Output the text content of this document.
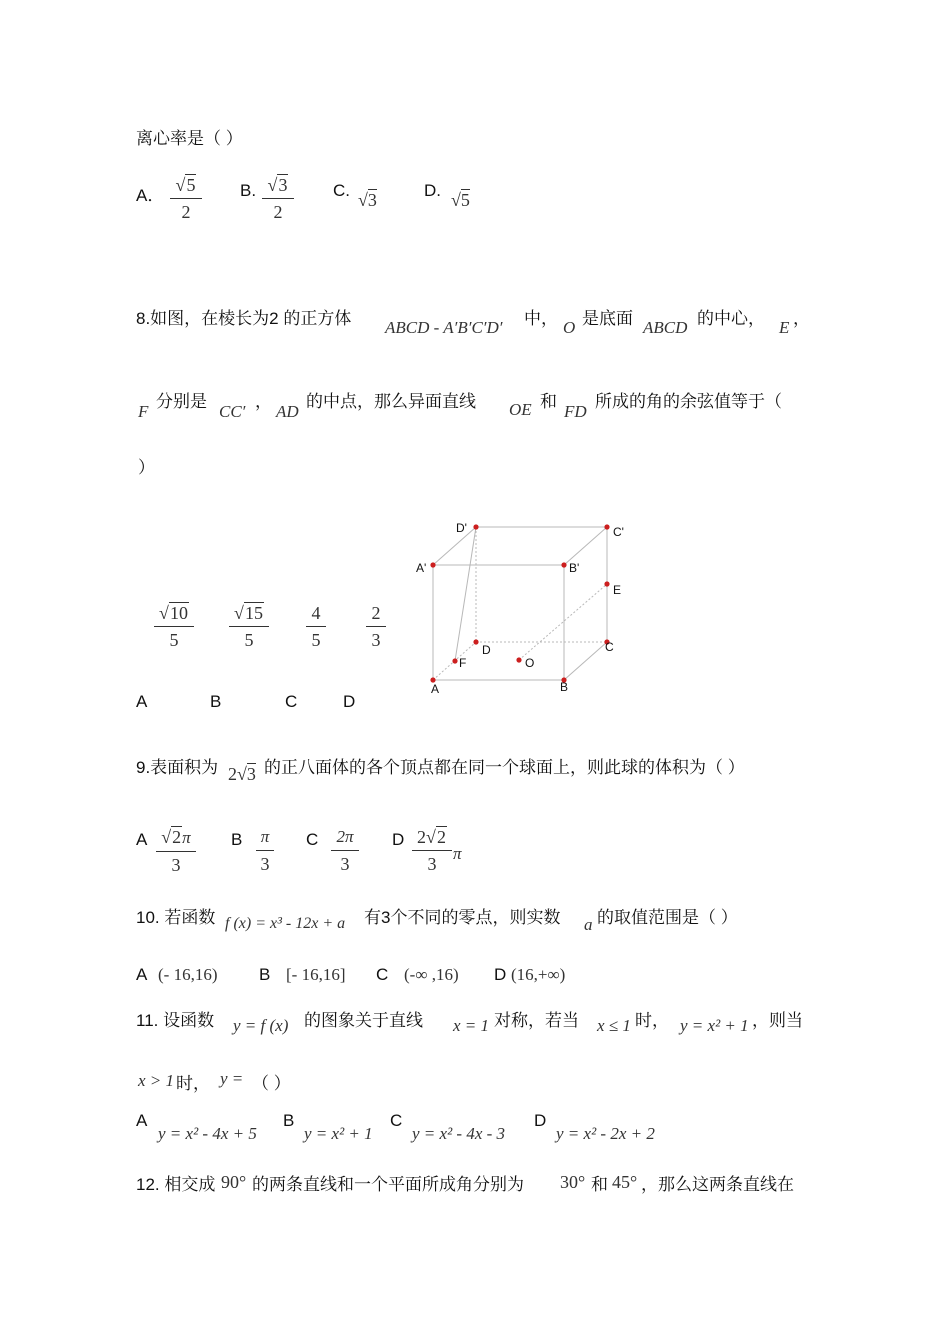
离心率是（ ）
A．
√5
2
B. √3
2
C. √3	D. √5
8.如图，在棱长为2 的正方体 ABCD - A′B′C′D′ 中， O 是底面 ABCD 的中心， E ，
F
分别是
CC′
，
AD
的中点，那么异面直线 OE 和
FD
所成的角的余弦值等于（
）
√10
5
√15
5
4
5
2
3
A	B	C	D
D'	C'
A'	B'
E
D	C
F	O
A	B
9.表面积为 2√3 的正八面体的各个顶点都在同一个球面上，则此球的体积为（ ）
A √2π
3
B π
3
C	2π
3
D 2√2
3
π
10. 若函数 f (x) = x³ - 12x + a 有3个不同的零点，则实数 a 的取值范围是（ ）
A (- 16,16) B [- 16,16] C (-∞ ,16) D (16,+∞)
11. 设函数 y = f (x) 的图象关于直线 x = 1 对称，若当 x ≤ 1 时， y = x² + 1 ，则当
x > 1 时， y = （ ）
A
y = x² - 4x + 5
B
y = x² + 1
C
y = x² - 4x - 3
D
y = x² - 2x + 2
12. 相交成 90° 的两条直线和一个平面所成角分别为 30° 和 45° ，那么这两条直线在
